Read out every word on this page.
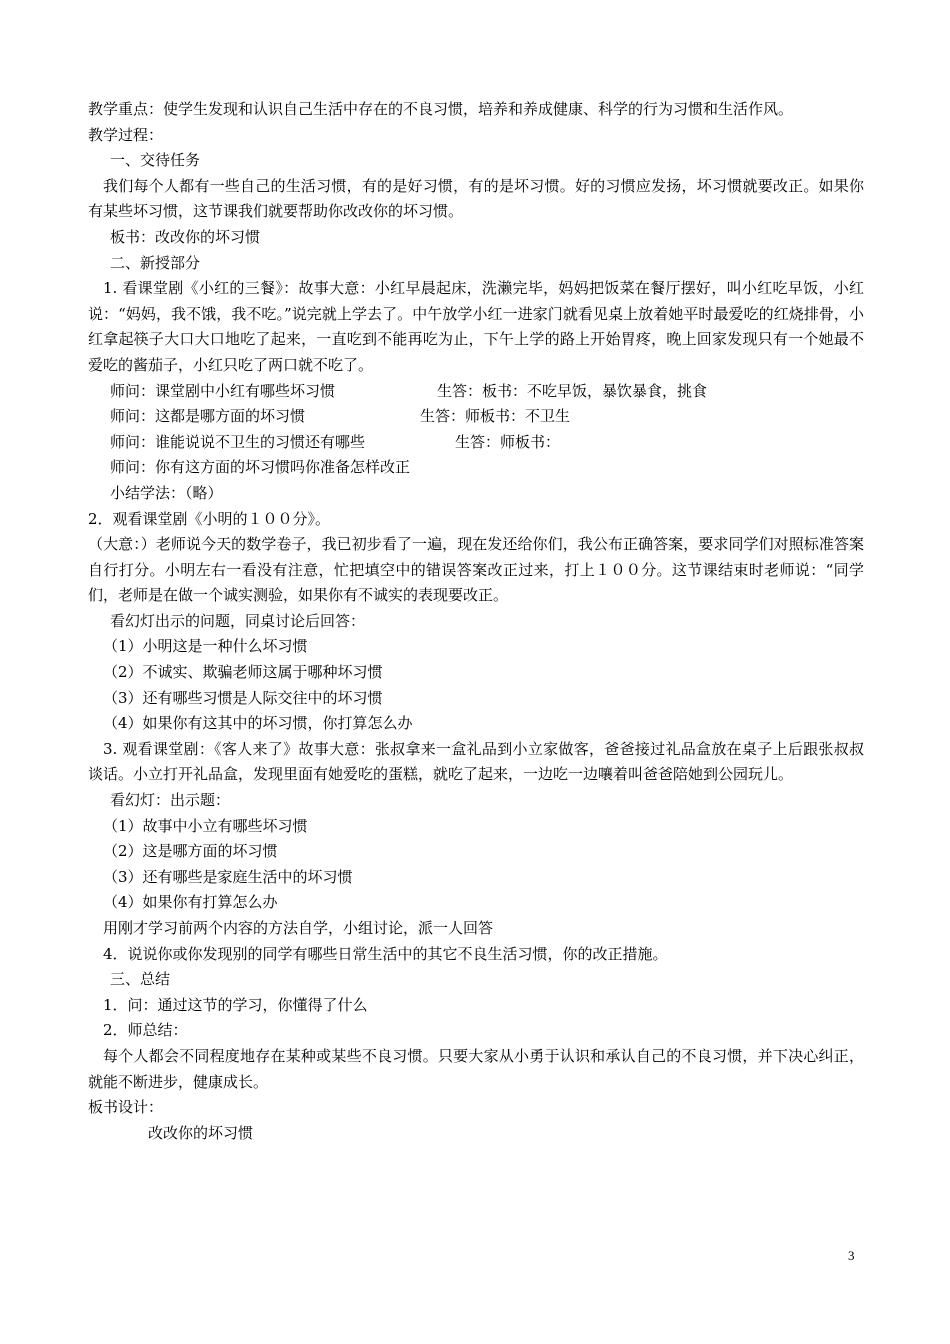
教学重点：使学生发现和认识自己生活中存在的不良习惯，培养和养成健康、科学的行为习惯和生活作风。

教学过程：

一、交待任务

我们每个人都有一些自己的生活习惯，有的是好习惯，有的是坏习惯。好的习惯应发扬，坏习惯就要改正。如果你有某些坏习惯，这节课我们就要帮助你改改你的坏习惯。

板书：改改你的坏习惯

二、新授部分

1. 看课堂剧《小红的三餐》：故事大意：小红早晨起床，洗濑完毕，妈妈把饭菜在餐厅摆好，叫小红吃早饭，小红说：“妈妈，我不饿，我不吃。”说完就上学去了。中午放学小红一进家门就看见桌上放着她平时最爱吃的红烧排骨，小红拿起筷子大口大口地吃了起来，一直吃到不能再吃为止，下午上学的路上开始胃疼，晚上回家发现只有一个她最不爱吃的酱茄子，小红只吃了两口就不吃了。

师问：课堂剧中小红有哪些坏习惯	生答：板书：不吃早饭，暴饮暴食，挑食

师问：这都是哪方面的坏习惯	生答：师板书：不卫生

师问：谁能说说不卫生的习惯还有哪些	生答：师板书：

师问：你有这方面的坏习惯吗你准备怎样改正

小结学法：（略）

2．观看课堂剧《小明的１００分》。

（大意：）老师说今天的数学卷子，我已初步看了一遍，现在发还给你们，我公布正确答案，要求同学们对照标准答案自行打分。小明左右一看没有注意，忙把填空中的错误答案改正过来，打上１００分。这节课结束时老师说：“同学们，老师是在做一个诚实测验，如果你有不诚实的表现要改正。

看幻灯出示的问题，同桌讨论后回答：

（1）小明这是一种什么坏习惯

（2）不诚实、欺骗老师这属于哪种坏习惯

（3）还有哪些习惯是人际交往中的坏习惯

（4）如果你有这其中的坏习惯，你打算怎么办

3. 观看课堂剧：《客人来了》故事大意：张叔拿来一盒礼品到小立家做客，爸爸接过礼品盒放在桌子上后跟张叔叔谈话。小立打开礼品盒，发现里面有她爱吃的蛋糕，就吃了起来，一边吃一边嚷着叫爸爸陪她到公园玩儿。

看幻灯：出示题：

（1）故事中小立有哪些坏习惯

（2）这是哪方面的坏习惯

（3）还有哪些是家庭生活中的坏习惯

（4）如果你有打算怎么办

用刚才学习前两个内容的方法自学，小组讨论，派一人回答

4．说说你或你发现别的同学有哪些日常生活中的其它不良生活习惯，你的改正措施。

三、总结

1．问：通过这节的学习，你懂得了什么

2．师总结：

每个人都会不同程度地存在某种或某些不良习惯。只要大家从小勇于认识和承认自己的不良习惯，并下决心纠正，就能不断进步，健康成长。

板书设计：

改改你的坏习惯

3
